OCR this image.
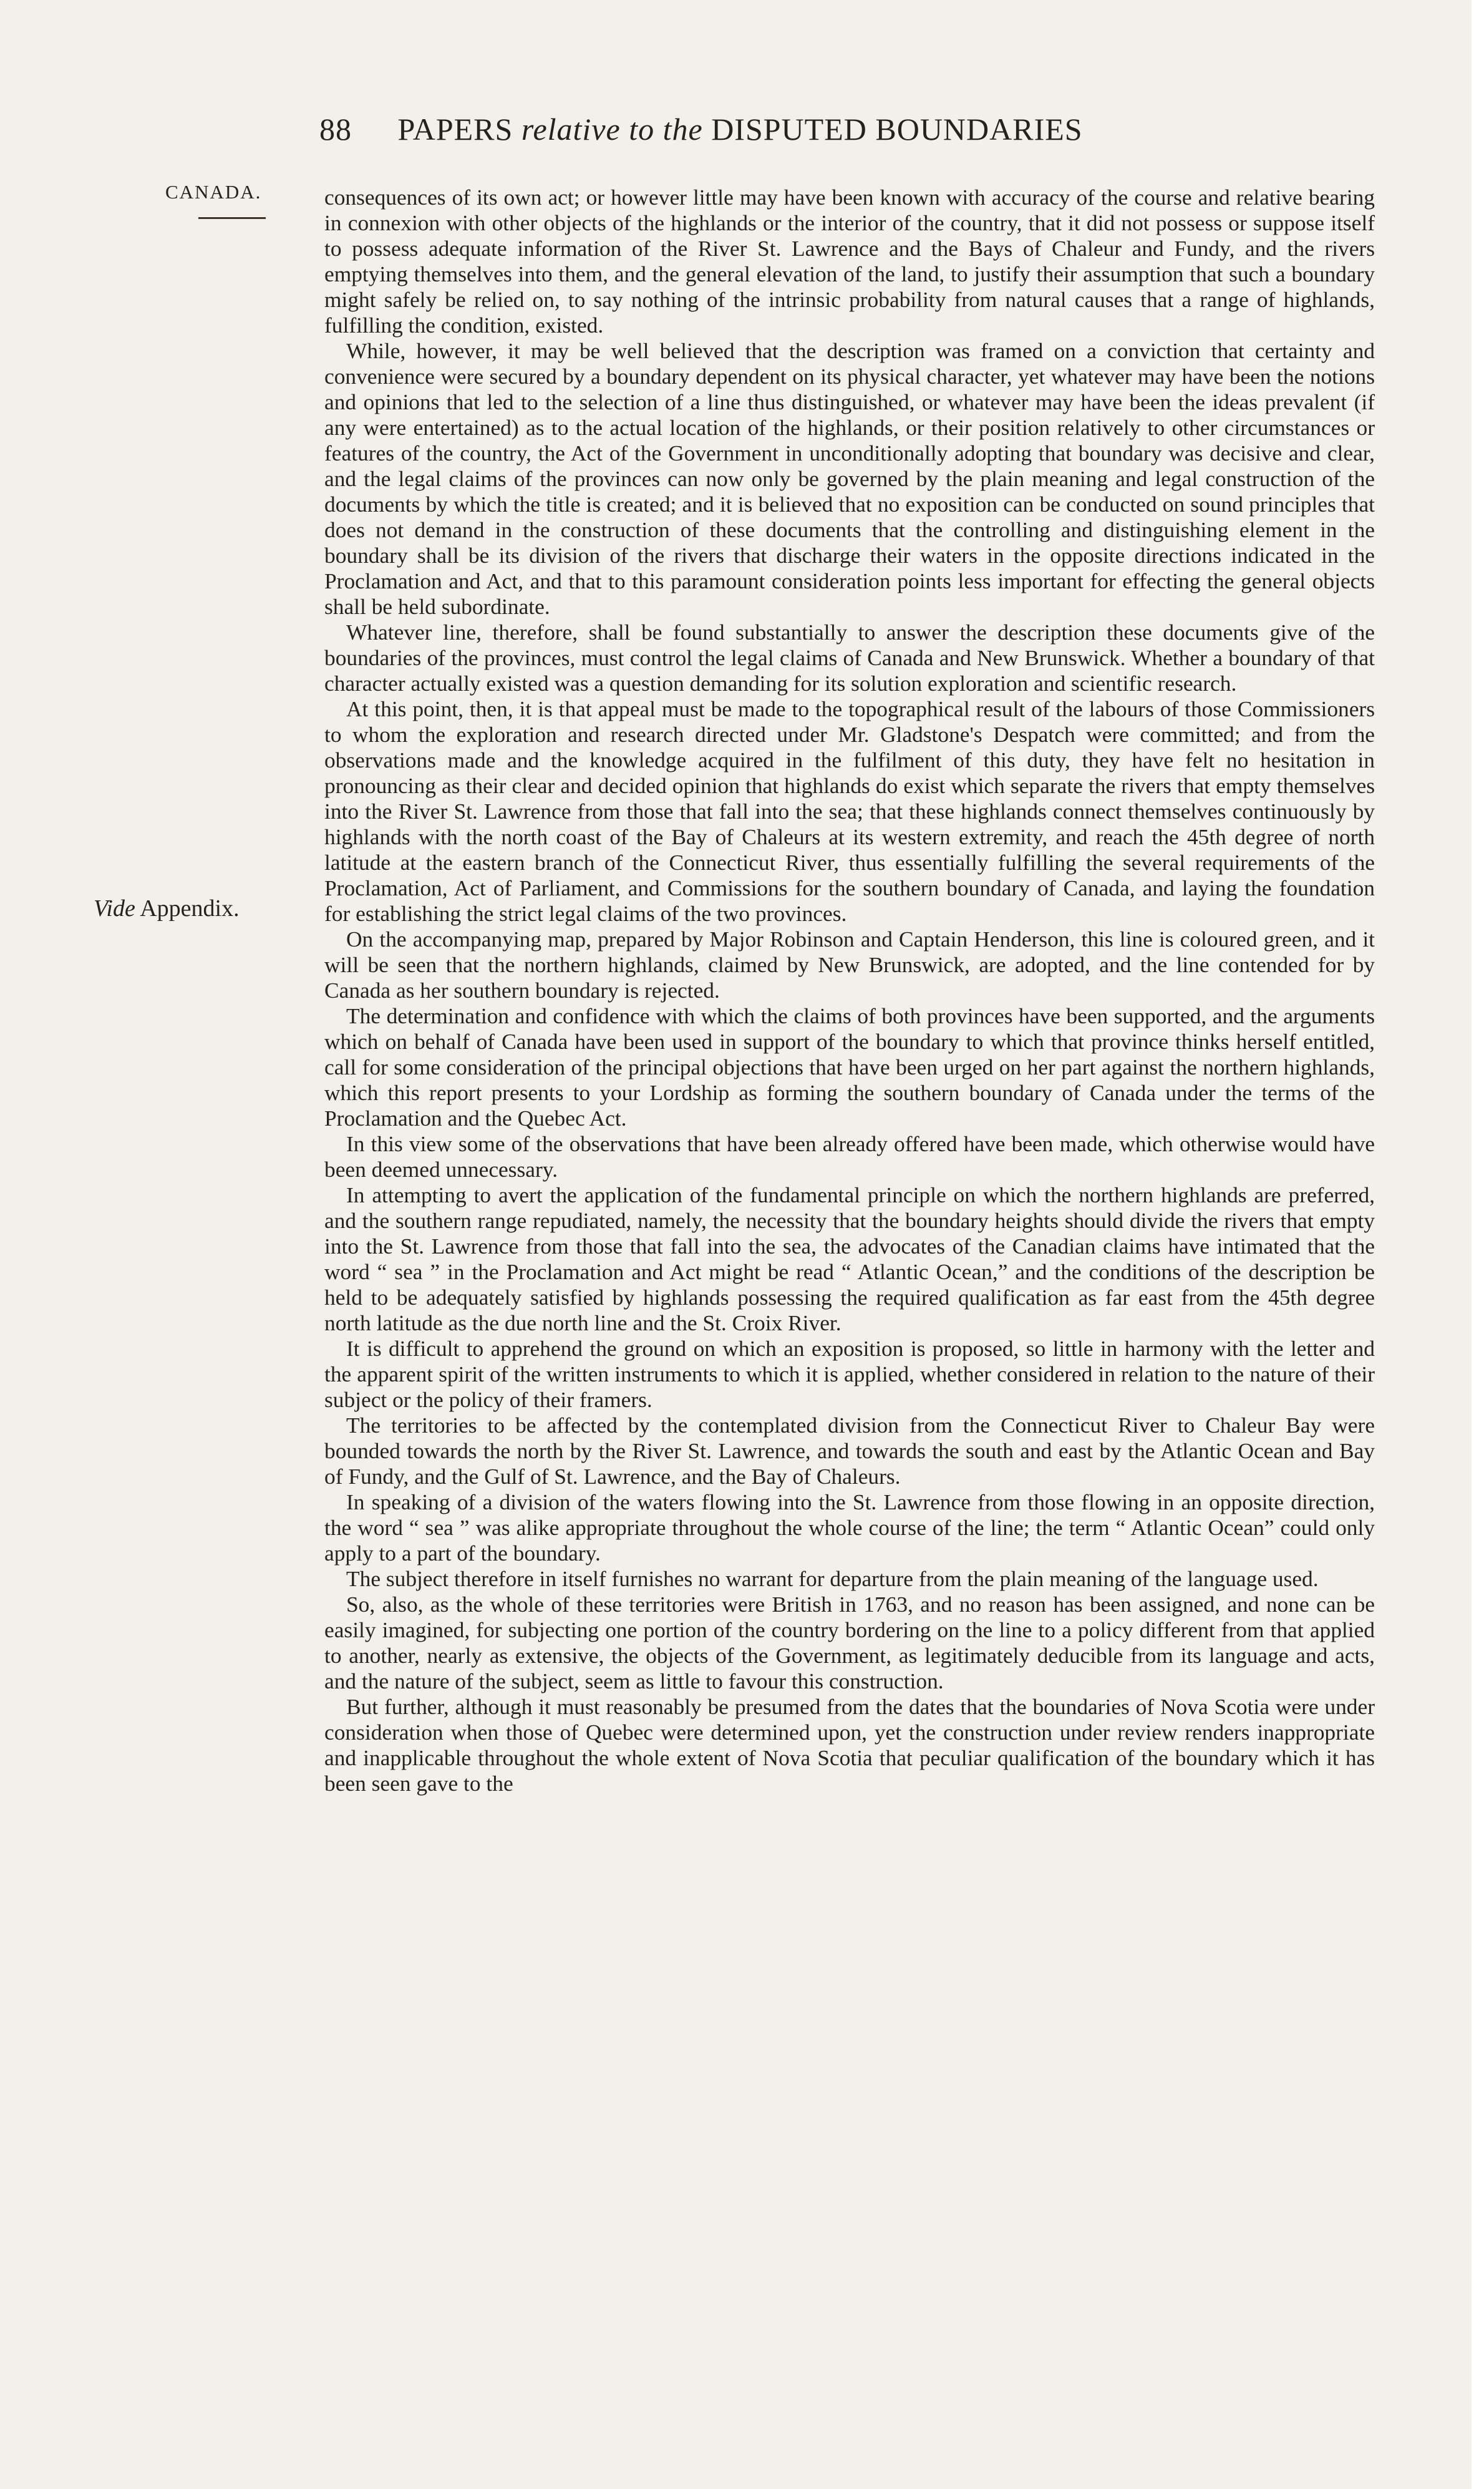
88 PAPERS relative to the DISPUTED BOUNDARIES
CANADA.
Vide Appendix.

consequences of its own act; or however little may have been known with accuracy of the course and relative bearing in connexion with other objects of the highlands or the interior of the country, that it did not possess or suppose itself to possess adequate information of the River St. Lawrence and the Bays of Chaleur and Fundy, and the rivers emptying themselves into them, and the general elevation of the land, to justify their assumption that such a boundary might safely be relied on, to say nothing of the intrinsic probability from natural causes that a range of highlands, fulfilling the condition, existed.

While, however, it may be well believed that the description was framed on a conviction that certainty and convenience were secured by a boundary dependent on its physical character, yet whatever may have been the notions and opinions that led to the selection of a line thus distinguished, or whatever may have been the ideas prevalent (if any were entertained) as to the actual location of the highlands, or their position relatively to other circumstances or features of the country, the Act of the Government in unconditionally adopting that boundary was decisive and clear, and the legal claims of the provinces can now only be governed by the plain meaning and legal construction of the documents by which the title is created; and it is believed that no exposition can be conducted on sound principles that does not demand in the construction of these documents that the controlling and distinguishing element in the boundary shall be its division of the rivers that discharge their waters in the opposite directions indicated in the Proclamation and Act, and that to this paramount consideration points less important for effecting the general objects shall be held subordinate.

Whatever line, therefore, shall be found substantially to answer the description these documents give of the boundaries of the provinces, must control the legal claims of Canada and New Brunswick. Whether a boundary of that character actually existed was a question demanding for its solution exploration and scientific research.

At this point, then, it is that appeal must be made to the topographical result of the labours of those Commissioners to whom the exploration and research directed under Mr. Gladstone's Despatch were committed; and from the observations made and the knowledge acquired in the fulfilment of this duty, they have felt no hesitation in pronouncing as their clear and decided opinion that highlands do exist which separate the rivers that empty themselves into the River St. Lawrence from those that fall into the sea; that these highlands connect themselves continuously by highlands with the north coast of the Bay of Chaleurs at its western extremity, and reach the 45th degree of north latitude at the eastern branch of the Connecticut River, thus essentially fulfilling the several requirements of the Proclamation, Act of Parliament, and Commissions for the southern boundary of Canada, and laying the foundation for establishing the strict legal claims of the two provinces.

On the accompanying map, prepared by Major Robinson and Captain Henderson, this line is coloured green, and it will be seen that the northern highlands, claimed by New Brunswick, are adopted, and the line contended for by Canada as her southern boundary is rejected.

The determination and confidence with which the claims of both provinces have been supported, and the arguments which on behalf of Canada have been used in support of the boundary to which that province thinks herself entitled, call for some consideration of the principal objections that have been urged on her part against the northern highlands, which this report presents to your Lordship as forming the southern boundary of Canada under the terms of the Proclamation and the Quebec Act.

In this view some of the observations that have been already offered have been made, which otherwise would have been deemed unnecessary.

In attempting to avert the application of the fundamental principle on which the northern highlands are preferred, and the southern range repudiated, namely, the necessity that the boundary heights should divide the rivers that empty into the St. Lawrence from those that fall into the sea, the advocates of the Canadian claims have intimated that the word “ sea ” in the Proclamation and Act might be read “ Atlantic Ocean,” and the conditions of the description be held to be adequately satisfied by highlands possessing the required qualification as far east from the 45th degree north latitude as the due north line and the St. Croix River.

It is difficult to apprehend the ground on which an exposition is proposed, so little in harmony with the letter and the apparent spirit of the written instruments to which it is applied, whether considered in relation to the nature of their subject or the policy of their framers.

The territories to be affected by the contemplated division from the Connecticut River to Chaleur Bay were bounded towards the north by the River St. Lawrence, and towards the south and east by the Atlantic Ocean and Bay of Fundy, and the Gulf of St. Lawrence, and the Bay of Chaleurs.

In speaking of a division of the waters flowing into the St. Lawrence from those flowing in an opposite direction, the word “ sea ” was alike appropriate throughout the whole course of the line; the term “ Atlantic Ocean” could only apply to a part of the boundary.

The subject therefore in itself furnishes no warrant for departure from the plain meaning of the language used.

So, also, as the whole of these territories were British in 1763, and no reason has been assigned, and none can be easily imagined, for subjecting one portion of the country bordering on the line to a policy different from that applied to another, nearly as extensive, the objects of the Government, as legitimately deducible from its language and acts, and the nature of the subject, seem as little to favour this construction.

But further, although it must reasonably be presumed from the dates that the boundaries of Nova Scotia were under consideration when those of Quebec were determined upon, yet the construction under review renders inappropriate and inapplicable throughout the whole extent of Nova Scotia that peculiar qualification of the boundary which it has been seen gave to the
